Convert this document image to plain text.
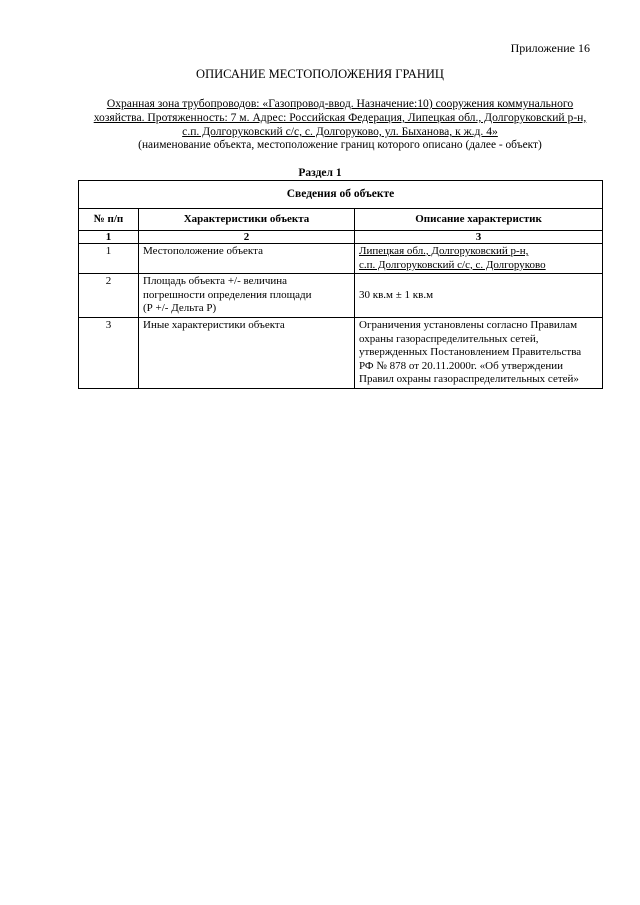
Приложение 16
ОПИСАНИЕ МЕСТОПОЛОЖЕНИЯ ГРАНИЦ
Охранная зона трубопроводов: «Газопровод-ввод. Назначение:10) сооружения коммунального
хозяйства. Протяженность: 7 м. Адрес: Российская Федерация, Липецкая обл., Долгоруковский р-н,
с.п. Долгоруковский с/с, с. Долгоруково, ул. Быханова, к ж.д. 4»
(наименование объекта, местоположение границ которого описано (далее - объект)
Раздел 1
Сведения об объекте		
№ п/п	Характеристики объекта	Описание характеристик
1	2	3
1	Местоположение объекта	Липецкая обл., Долгоруковский р-н,
с.п. Долгоруковский с/с, с. Долгоруково

2	Площадь объекта +/- величина
погрешности определения площади
(Р +/- Дельта Р)	30 кв.м ± 1 кв.м
3	Иные характеристики объекта	Ограничения установлены согласно Правилам
охраны газораспределительных сетей,
утвержденных Постановлением Правительства
РФ № 878 от 20.11.2000г. «Об утверждении
Правил охраны газораспределительных сетей»
